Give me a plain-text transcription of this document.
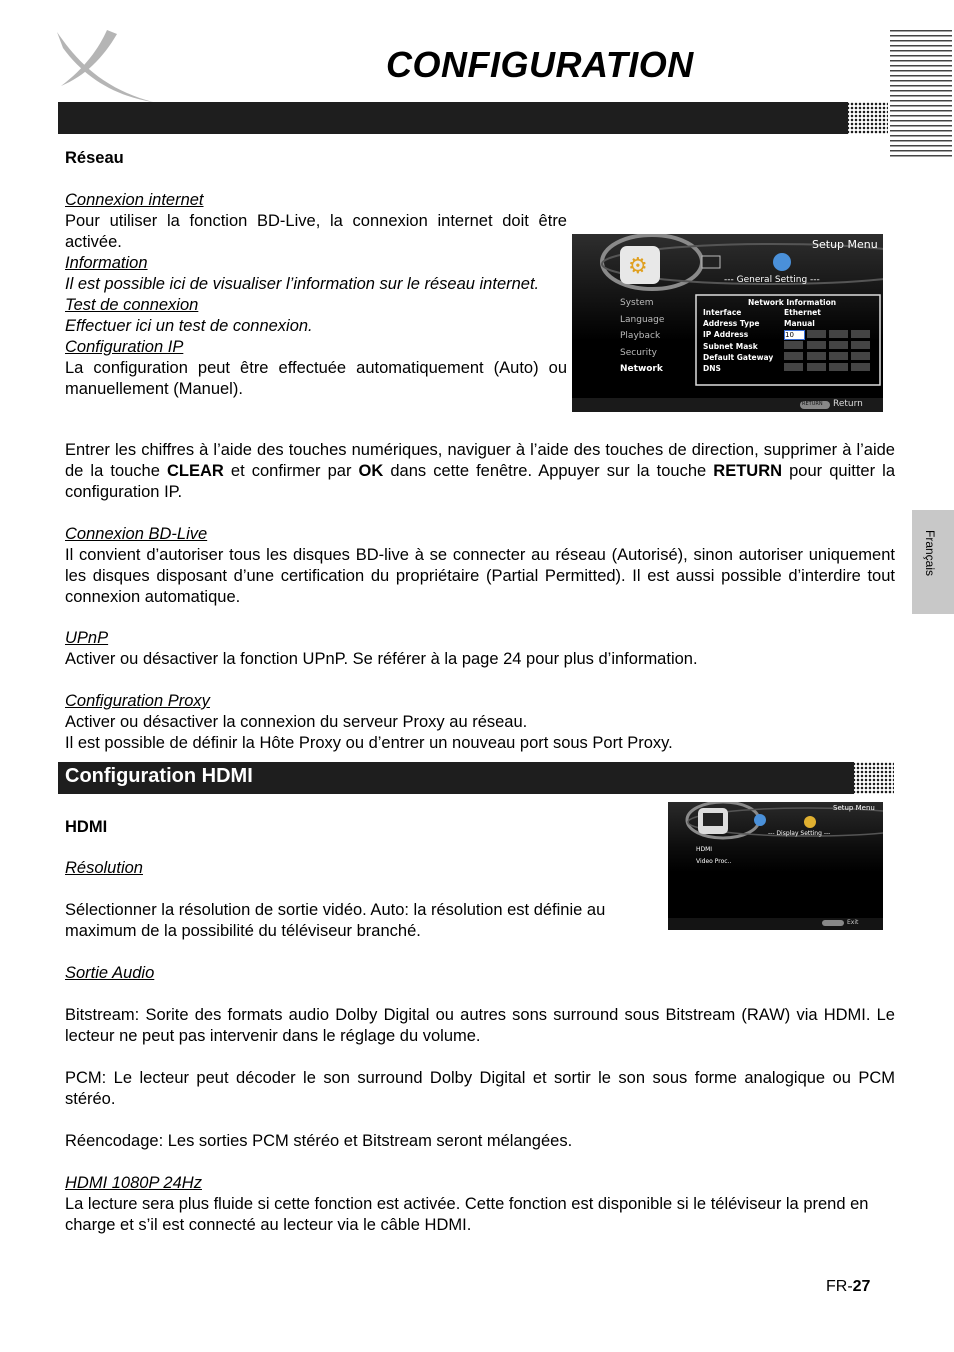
CONFIGURATION
Français
Réseau
Connexion internet
Pour utiliser la fonction BD-Live, la connexion internet doit être activée.
Information
Il est possible ici de visualiser l’information sur le réseau internet.
Test de connexion
Effectuer ici un test de connexion.
Configuration IP
La configuration peut être effectuée automatiquement (Auto) ou manuellement (Manuel).
⚙
Setup Menu
--- General Setting ---
System
Language
Playback
Security
Network
Network Information
Interface
Address Type
IP Address
Subnet Mask
Default Gateway
DNS
Ethernet
Manual
10
RETURN Return
Entrer les chiffres à l’aide des touches numériques, naviguer à l’aide des touches de direction, supprimer à l’aide de la touche CLEAR et confirmer par OK dans cette fenêtre. Appuyer sur la touche RETURN pour quitter la configuration IP.
Connexion BD-Live
Il convient d’autoriser tous les disques BD-live à se connecter au réseau (Autorisé), sinon autoriser uniquement les disques disposant d’une certification du propriétaire (Partial Permitted). Il est aussi possible d’interdire tout connexion automatique.
UPnP
Activer ou désactiver la fonction UPnP. Se référer à la page 24 pour plus d’information.
Configuration Proxy
Activer ou désactiver la connexion du serveur Proxy au réseau.
Il est possible de définir la Hôte Proxy ou d’entrer un nouveau port sous Port Proxy.
Configuration HDMI
HDMI
Setup Menu
--- Display Setting ---
HDMI
Video Proc..
Exit
Résolution
Sélectionner la résolution de sortie vidéo. Auto: la résolution est définie au maximum de la possibilité du téléviseur branché.
Sortie Audio
Bitstream: Sorite des formats audio Dolby Digital ou autres sons surround sous Bitstream (RAW) via HDMI. Le lecteur ne peut pas intervenir dans le réglage du volume.
PCM: Le lecteur peut décoder le son surround Dolby Digital et sortir le son sous forme analogique ou PCM stéréo.
Réencodage: Les sorties PCM stéréo et Bitstream seront mélangées.
HDMI 1080P 24Hz
La lecture sera plus fluide si cette fonction est activée. Cette fonction est disponible si le téléviseur la prend en charge et s’il est connecté au lecteur via le câble HDMI.
FR-27
